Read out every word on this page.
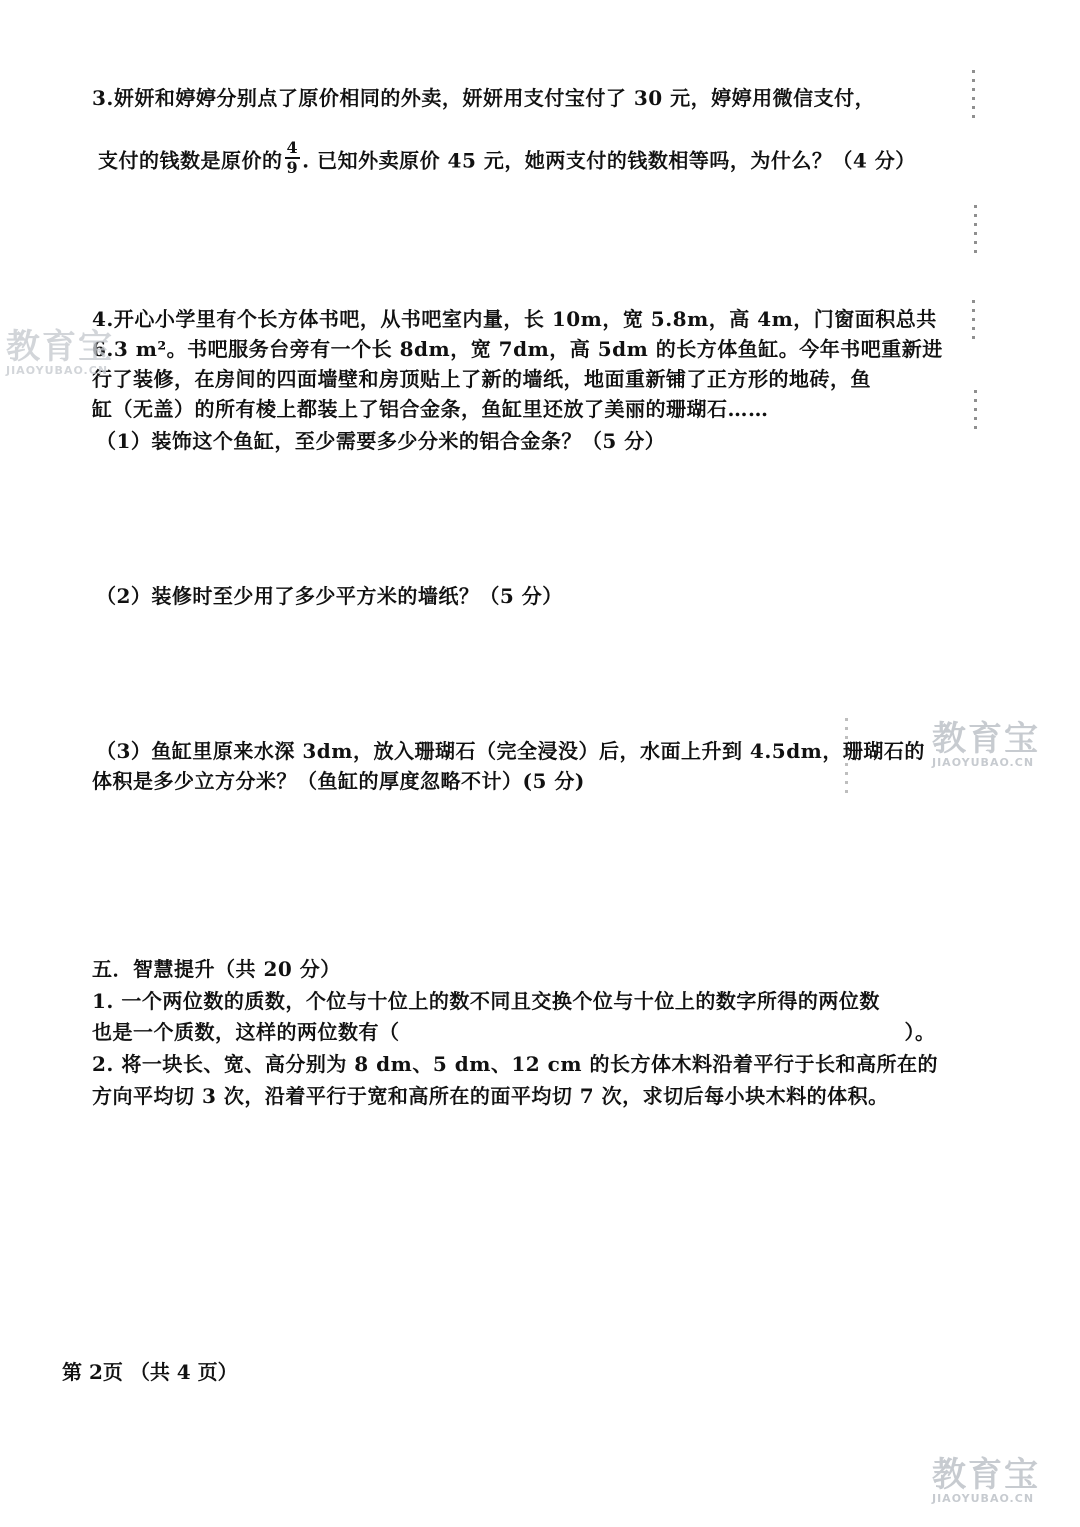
3.妍妍和婷婷分别点了原价相同的外卖，妍妍用支付宝付了 30 元，婷婷用微信支付，
支付的钱数是原价的 $\frac{4}{9}$ . 已知外卖原价 45 元，她两支付的钱数相等吗，为什么？（4 分）
4.开心小学里有个长方体书吧，从书吧室内量，长 10m，宽 5.8m，高 4m，门窗面积总共
6.3 m²。书吧服务台旁有一个长 8dm，宽 7dm，高 5dm 的长方体鱼缸。今年书吧重新进
行了装修，在房间的四面墙壁和房顶贴上了新的墙纸，地面重新铺了正方形的地砖，鱼
缸（无盖）的所有棱上都装上了铝合金条，鱼缸里还放了美丽的珊瑚石……
（1）装饰这个鱼缸，至少需要多少分米的铝合金条？（5 分）
（2）装修时至少用了多少平方米的墙纸？（5 分）
（3）鱼缸里原来水深 3dm，放入珊瑚石（完全浸没）后，水面上升到 4.5dm，珊瑚石的
体积是多少立方分米？（鱼缸的厚度忽略不计）(5 分)
五．智慧提升（共 20 分）
1. 一个两位数的质数，个位与十位上的数不同且交换个位与十位上的数字所得的两位数
也是一个质数，这样的两位数有（	）。
2. 将一块长、宽、高分别为 8 dm、5 dm、12 cm 的长方体木料沿着平行于长和高所在的
方向平均切 3 次，沿着平行于宽和高所在的面平均切 7 次，求切后每小块木料的体积。
第 2页 （共 4 页）
教育宝
JIAOYUBAO.CN
教育宝
JIAOYUBAO.CN
教育宝
JIAOYUBAO.CN
